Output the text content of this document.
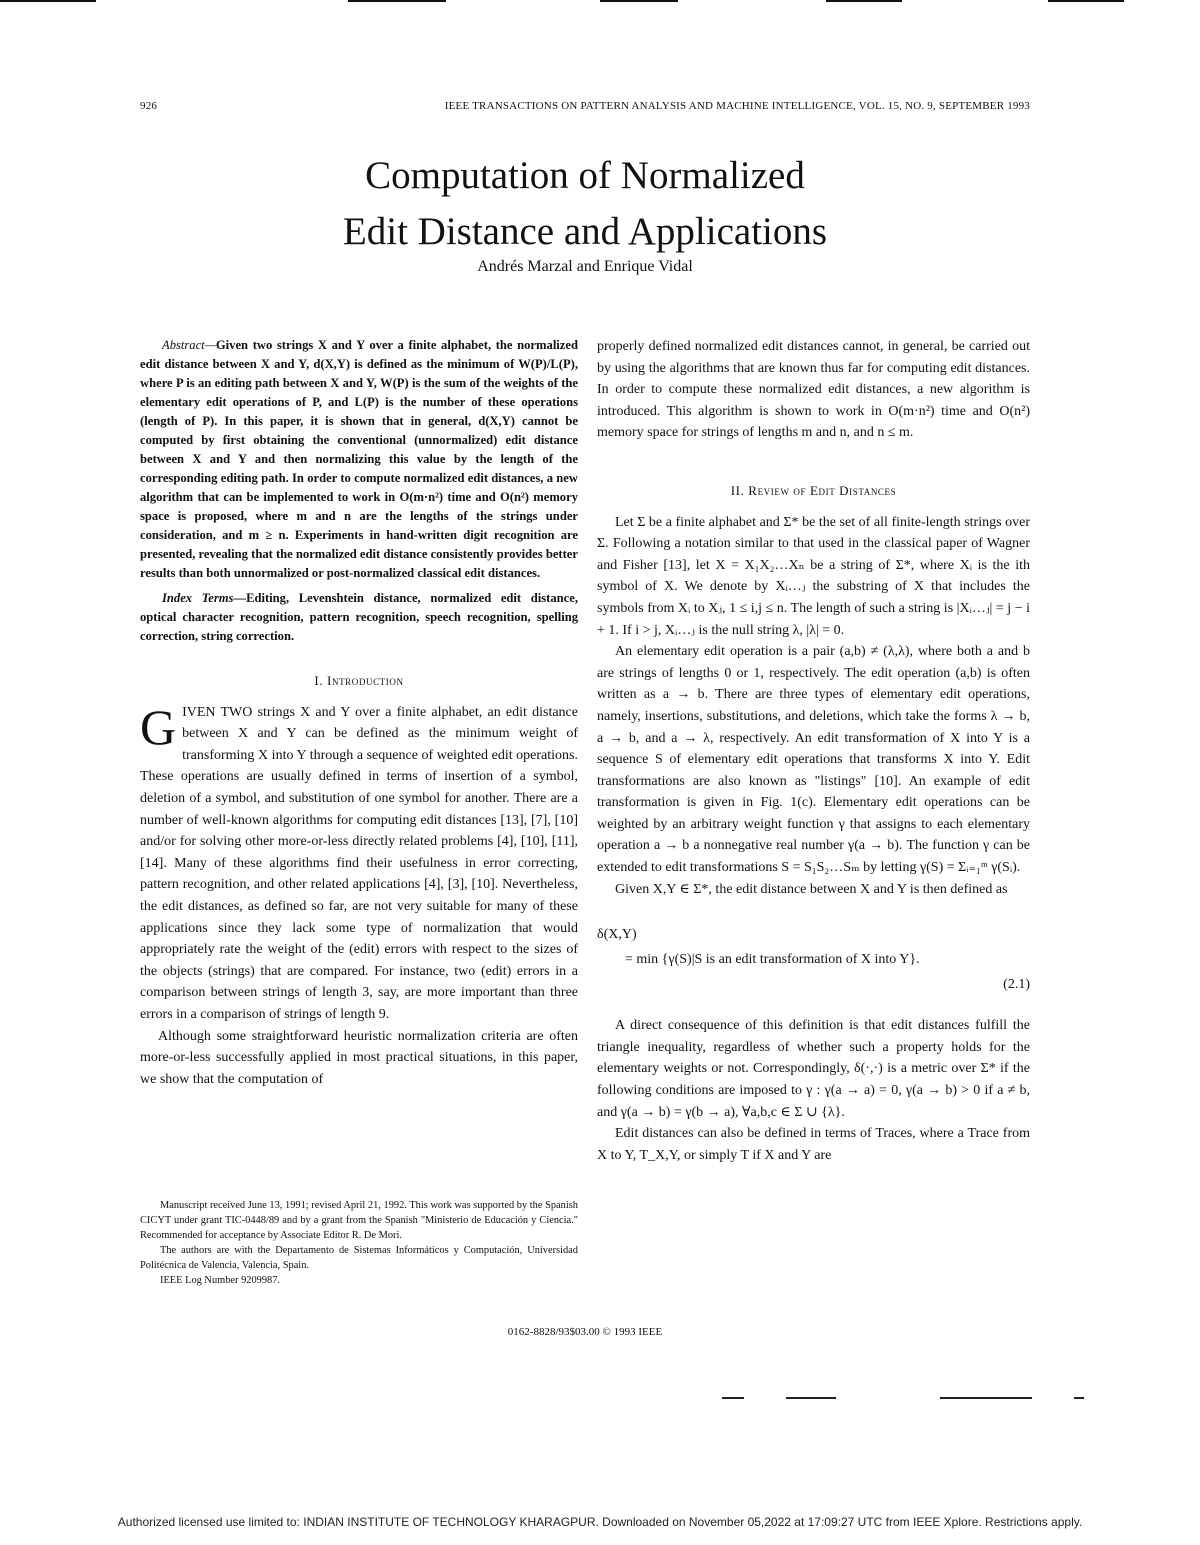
926	IEEE TRANSACTIONS ON PATTERN ANALYSIS AND MACHINE INTELLIGENCE, VOL. 15, NO. 9, SEPTEMBER 1993
Computation of Normalized
Edit Distance and Applications
Andrés Marzal and Enrique Vidal

Abstract—Given two strings X and Y over a finite alphabet, the normalized edit distance between X and Y, d(X,Y) is defined as the minimum of W(P)/L(P), where P is an editing path between X and Y, W(P) is the sum of the weights of the elementary edit operations of P, and L(P) is the number of these operations (length of P). In this paper, it is shown that in general, d(X,Y) cannot be computed by first obtaining the conventional (unnormalized) edit distance between X and Y and then normalizing this value by the length of the corresponding editing path. In order to compute normalized edit distances, a new algorithm that can be implemented to work in O(m·n²) time and O(n²) memory space is proposed, where m and n are the lengths of the strings under consideration, and m ≥ n. Experiments in hand-written digit recognition are presented, revealing that the normalized edit distance consistently provides better results than both unnormalized or post-normalized classical edit distances.

Index Terms—Editing, Levenshtein distance, normalized edit distance, optical character recognition, pattern recognition, speech recognition, spelling correction, string correction.

I. Introduction

GIVEN TWO strings X and Y over a finite alphabet, an edit distance between X and Y can be defined as the minimum weight of transforming X into Y through a sequence of weighted edit operations. These operations are usually defined in terms of insertion of a symbol, deletion of a symbol, and substitution of one symbol for another. There are a number of well-known algorithms for computing edit distances [13], [7], [10] and/or for solving other more-or-less directly related problems [4], [10], [11], [14]. Many of these algorithms find their usefulness in error correcting, pattern recognition, and other related applications [4], [3], [10]. Nevertheless, the edit distances, as defined so far, are not very suitable for many of these applications since they lack some type of normalization that would appropriately rate the weight of the (edit) errors with respect to the sizes of the objects (strings) that are compared. For instance, two (edit) errors in a comparison between strings of length 3, say, are more important than three errors in a comparison of strings of length 9.

Although some straightforward heuristic normalization criteria are often more-or-less successfully applied in most practical situations, in this paper, we show that the computation of

Manuscript received June 13, 1991; revised April 21, 1992. This work was supported by the Spanish CICYT under grant TIC-0448/89 and by a grant from the Spanish "Ministerio de Educación y Ciencia." Recommended for acceptance by Associate Editor R. De Mori.

The authors are with the Departamento de Sistemas Informáticos y Computación, Universidad Politécnica de Valencia, Valencia, Spain.

IEEE Log Number 9209987.

properly defined normalized edit distances cannot, in general, be carried out by using the algorithms that are known thus far for computing edit distances. In order to compute these normalized edit distances, a new algorithm is introduced. This algorithm is shown to work in O(m·n²) time and O(n²) memory space for strings of lengths m and n, and n ≤ m.

II. Review of Edit Distances

Let Σ be a finite alphabet and Σ* be the set of all finite-length strings over Σ. Following a notation similar to that used in the classical paper of Wagner and Fisher [13], let X = X₁X₂…Xₙ be a string of Σ*, where Xᵢ is the ith symbol of X. We denote by Xᵢ…ⱼ the substring of X that includes the symbols from Xᵢ to Xⱼ, 1 ≤ i,j ≤ n. The length of such a string is |Xᵢ…ⱼ| = j − i + 1. If i > j, Xᵢ…ⱼ is the null string λ, |λ| = 0.

An elementary edit operation is a pair (a,b) ≠ (λ,λ), where both a and b are strings of lengths 0 or 1, respectively. The edit operation (a,b) is often written as a → b. There are three types of elementary edit operations, namely, insertions, substitutions, and deletions, which take the forms λ → b, a → b, and a → λ, respectively. An edit transformation of X into Y is a sequence S of elementary edit operations that transforms X into Y. Edit transformations are also known as "listings" [10]. An example of edit transformation is given in Fig. 1(c). Elementary edit operations can be weighted by an arbitrary weight function γ that assigns to each elementary operation a → b a nonnegative real number γ(a → b). The function γ can be extended to edit transformations S = S₁S₂…Sₘ by letting γ(S) = Σᵢ₌₁ᵐ γ(Sᵢ).

Given X,Y ∈ Σ*, the edit distance between X and Y is then defined as

δ(X,Y)
= min {γ(S)|S is an edit transformation of X into Y}.
(2.1)

A direct consequence of this definition is that edit distances fulfill the triangle inequality, regardless of whether such a property holds for the elementary weights or not. Correspondingly, δ(·,·) is a metric over Σ* if the following conditions are imposed to γ : γ(a → a) = 0, γ(a → b) > 0 if a ≠ b, and γ(a → b) = γ(b → a), ∀a,b,c ∈ Σ ∪ {λ}.

Edit distances can also be defined in terms of Traces, where a Trace from X to Y, T_X,Y, or simply T if X and Y are

0162-8828/93$03.00 © 1993 IEEE
Authorized licensed use limited to: INDIAN INSTITUTE OF TECHNOLOGY KHARAGPUR. Downloaded on November 05,2022 at 17:09:27 UTC from IEEE Xplore. Restrictions apply.
